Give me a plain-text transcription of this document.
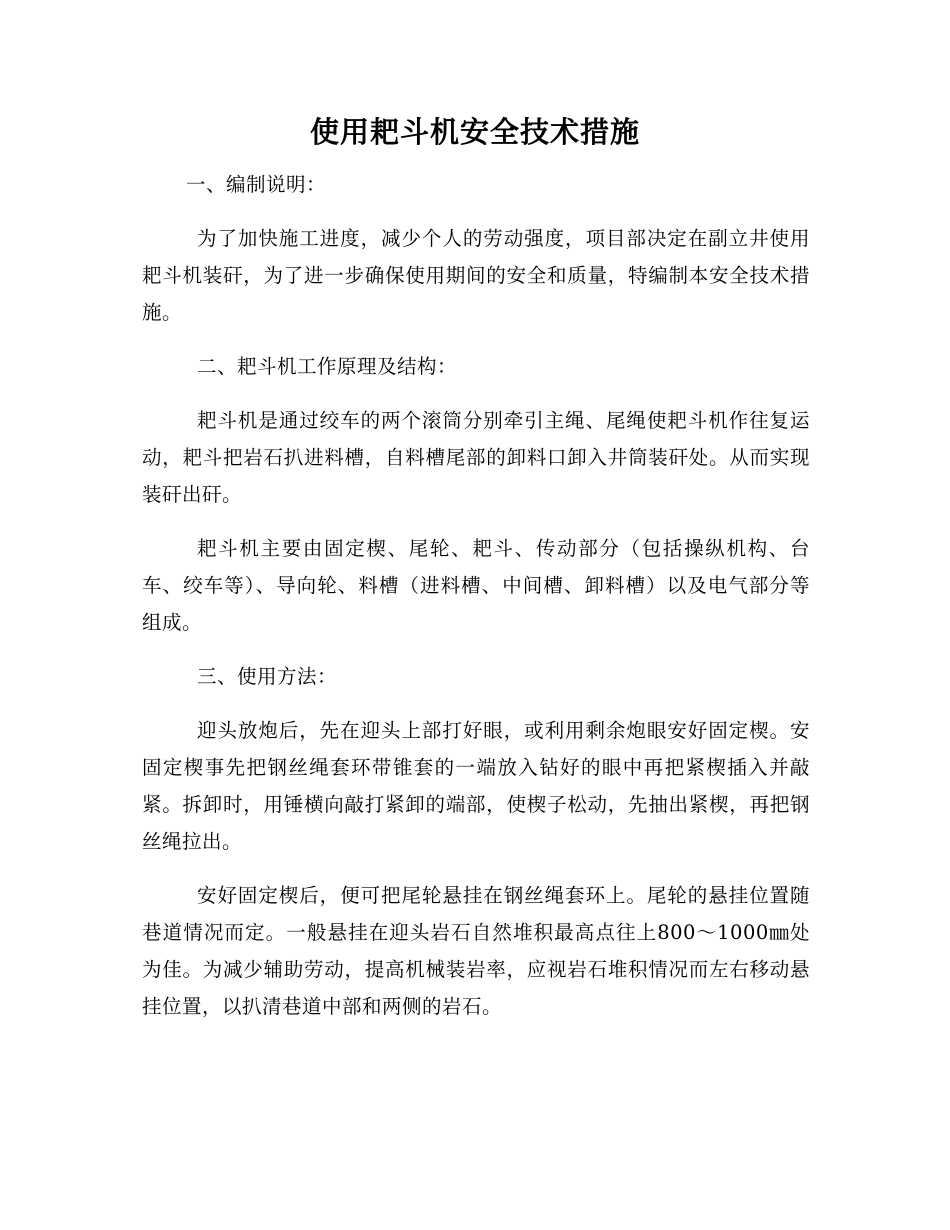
使用耙斗机安全技术措施

一、编制说明：

为了加快施工进度，减少个人的劳动强度，项目部决定在副立井使用耙斗机装矸，为了进一步确保使用期间的安全和质量，特编制本安全技术措施。

二、耙斗机工作原理及结构：

耙斗机是通过绞车的两个滚筒分别牵引主绳、尾绳使耙斗机作往复运动，耙斗把岩石扒进料槽，自料槽尾部的卸料口卸入井筒装矸处。从而实现装矸出矸。

耙斗机主要由固定楔、尾轮、耙斗、传动部分（包括操纵机构、台车、绞车等）、导向轮、料槽（进料槽、中间槽、卸料槽）以及电气部分等组成。

三、使用方法：

迎头放炮后，先在迎头上部打好眼，或利用剩余炮眼安好固定楔。安固定楔事先把钢丝绳套环带锥套的一端放入钻好的眼中再把紧楔插入并敲紧。拆卸时，用锤横向敲打紧卸的端部，使楔子松动，先抽出紧楔，再把钢丝绳拉出。

安好固定楔后，便可把尾轮悬挂在钢丝绳套环上。尾轮的悬挂位置随巷道情况而定。一般悬挂在迎头岩石自然堆积最高点往上800～1000㎜处为佳。为减少辅助劳动，提高机械装岩率，应视岩石堆积情况而左右移动悬挂位置，以扒清巷道中部和两侧的岩石。
